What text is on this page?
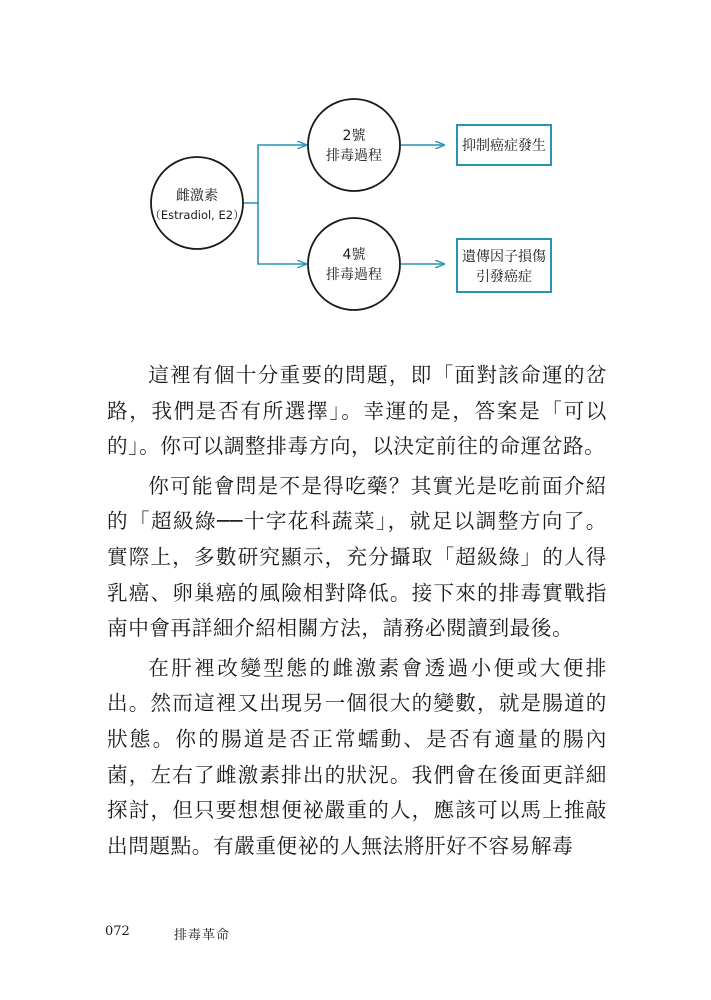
雌激素
（Estradiol, E2）
2號
排毒過程
4號
排毒過程
抑制癌症發生
遺傳因子損傷
引發癌症

這裡有個十分重要的問題，即「面對該命運的岔路，我們是否有所選擇」。幸運的是，答案是「可以的」。你可以調整排毒方向，以決定前往的命運岔路。

你可能會問是不是得吃藥？其實光是吃前面介紹的「超級綠──十字花科蔬菜」，就足以調整方向了。實際上，多數研究顯示，充分攝取「超級綠」的人得乳癌、卵巢癌的風險相對降低。接下來的排毒實戰指南中會再詳細介紹相關方法，請務必閱讀到最後。

在肝裡改變型態的雌激素會透過小便或大便排出。然而這裡又出現另一個很大的變數，就是腸道的狀態。你的腸道是否正常蠕動、是否有適量的腸內菌，左右了雌激素排出的狀況。我們會在後面更詳細探討，但只要想想便祕嚴重的人，應該可以馬上推敲出問題點。有嚴重便祕的人無法將肝好不容易解毒

072	排毒革命
